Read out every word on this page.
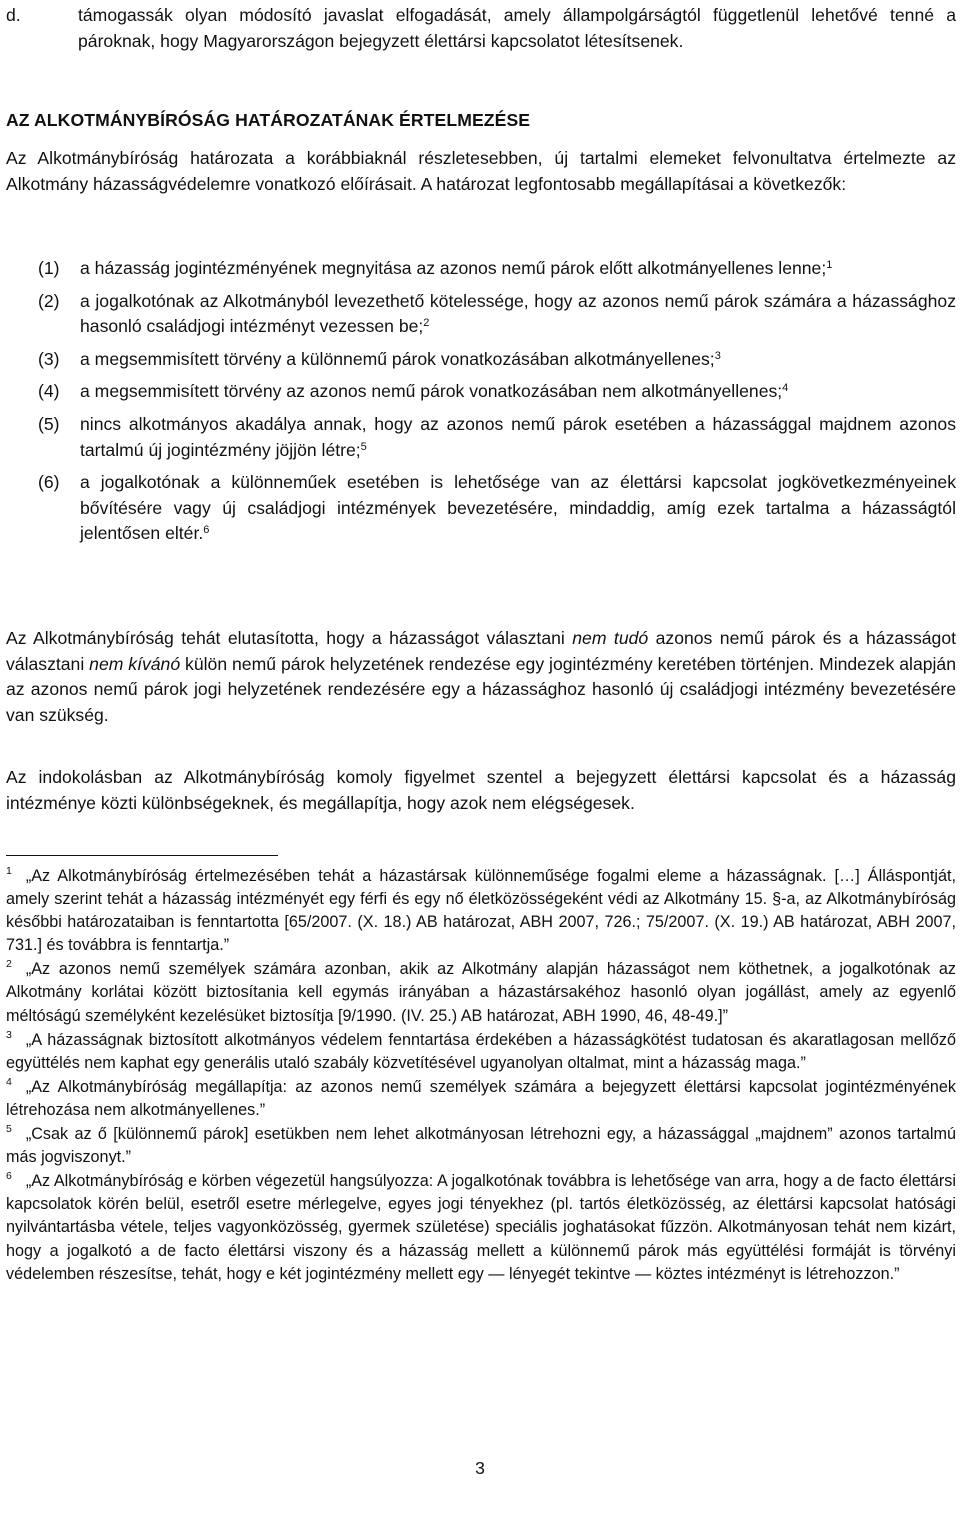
d.	támogassák olyan módosító javaslat elfogadását, amely állampolgárságtól függetlenül lehetővé tenné a pároknak, hogy Magyarországon bejegyzett élettársi kapcsolatot létesítsenek.
AZ ALKOTMÁNYBÍRÓSÁG HATÁROZATÁNAK ÉRTELMEZÉSE

Az Alkotmánybíróság határozata a korábbiaknál részletesebben, új tartalmi elemeket felvonultatva értelmezte az Alkotmány házasságvédelemre vonatkozó előírásait. A határozat legfontosabb megállapításai a következők:

(1) a házasság jogintézményének megnyitása az azonos nemű párok előtt alkotmányellenes lenne;$^1$
(2) a jogalkotónak az Alkotmányból levezethető kötelessége, hogy az azonos nemű párok számára a házassághoz hasonló családjogi intézményt vezessen be;$^2$
(3) a megsemmisített törvény a különnemű párok vonatkozásában alkotmányellenes;$^3$
(4) a megsemmisített törvény az azonos nemű párok vonatkozásában nem alkotmányellenes;$^4$
(5) nincs alkotmányos akadálya annak, hogy az azonos nemű párok esetében a házassággal majdnem azonos tartalmú új jogintézmény jöjjön létre;$^5$
(6) a jogalkotónak a különneműek esetében is lehetősége van az élettársi kapcsolat jogkövetkezményeinek bővítésére vagy új családjogi intézmények bevezetésére, mindaddig, amíg ezek tartalma a házasságtól jelentősen eltér.$^6$

Az Alkotmánybíróság tehát elutasította, hogy a házasságot választani nem tudó azonos nemű párok és a házasságot választani nem kívánó külön nemű párok helyzetének rendezése egy jogintézmény keretében történjen. Mindezek alapján az azonos nemű párok jogi helyzetének rendezésére egy a házassághoz hasonló új családjogi intézmény bevezetésére van szükség.

Az indokolásban az Alkotmánybíróság komoly figyelmet szentel a bejegyzett élettársi kapcsolat és a házasság intézménye közti különbségeknek, és megállapítja, hogy azok nem elégségesek.

$^1$ „Az Alkotmánybíróság értelmezésében tehát a házastársak különneműsége fogalmi eleme a házasságnak. […] Álláspontját, amely szerint tehát a házasság intézményét egy férfi és egy nő életközösségeként védi az Alkotmány 15. §-a, az Alkotmánybíróság későbbi határozataiban is fenntartotta [65/2007. (X. 18.) AB határozat, ABH 2007, 726.; 75/2007. (X. 19.) AB határozat, ABH 2007, 731.] és továbbra is fenntartja.”

$^2$ „Az azonos nemű személyek számára azonban, akik az Alkotmány alapján házasságot nem köthetnek, a jogalkotónak az Alkotmány korlátai között biztosítania kell egymás irányában a házastársakéhoz hasonló olyan jogállást, amely az egyenlő méltóságú személyként kezelésüket biztosítja [9/1990. (IV. 25.) AB határozat, ABH 1990, 46, 48-49.]”

$^3$ „A házasságnak biztosított alkotmányos védelem fenntartása érdekében a házasságkötést tudatosan és akaratlagosan mellőző együttélés nem kaphat egy generális utaló szabály közvetítésével ugyanolyan oltalmat, mint a házasság maga.”

$^4$ „Az Alkotmánybíróság megállapítja: az azonos nemű személyek számára a bejegyzett élettársi kapcsolat jogintézményének létrehozása nem alkotmányellenes.”

$^5$ „Csak az ő [különnemű párok] esetükben nem lehet alkotmányosan létrehozni egy, a házassággal „majdnem” azonos tartalmú más jogviszonyt.”

$^6$ „Az Alkotmánybíróság e körben végezetül hangsúlyozza: A jogalkotónak továbbra is lehetősége van arra, hogy a de facto élettársi kapcsolatok körén belül, esetről esetre mérlegelve, egyes jogi tényekhez (pl. tartós életközösség, az élettársi kapcsolat hatósági nyilvántartásba vétele, teljes vagyonközösség, gyermek születése) speciális joghatásokat fűzzön. Alkotmányosan tehát nem kizárt, hogy a jogalkotó a de facto élettársi viszony és a házasság mellett a különnemű párok más együttélési formáját is törvényi védelemben részesítse, tehát, hogy e két jogintézmény mellett egy — lényegét tekintve — köztes intézményt is létrehozzon.”

3
